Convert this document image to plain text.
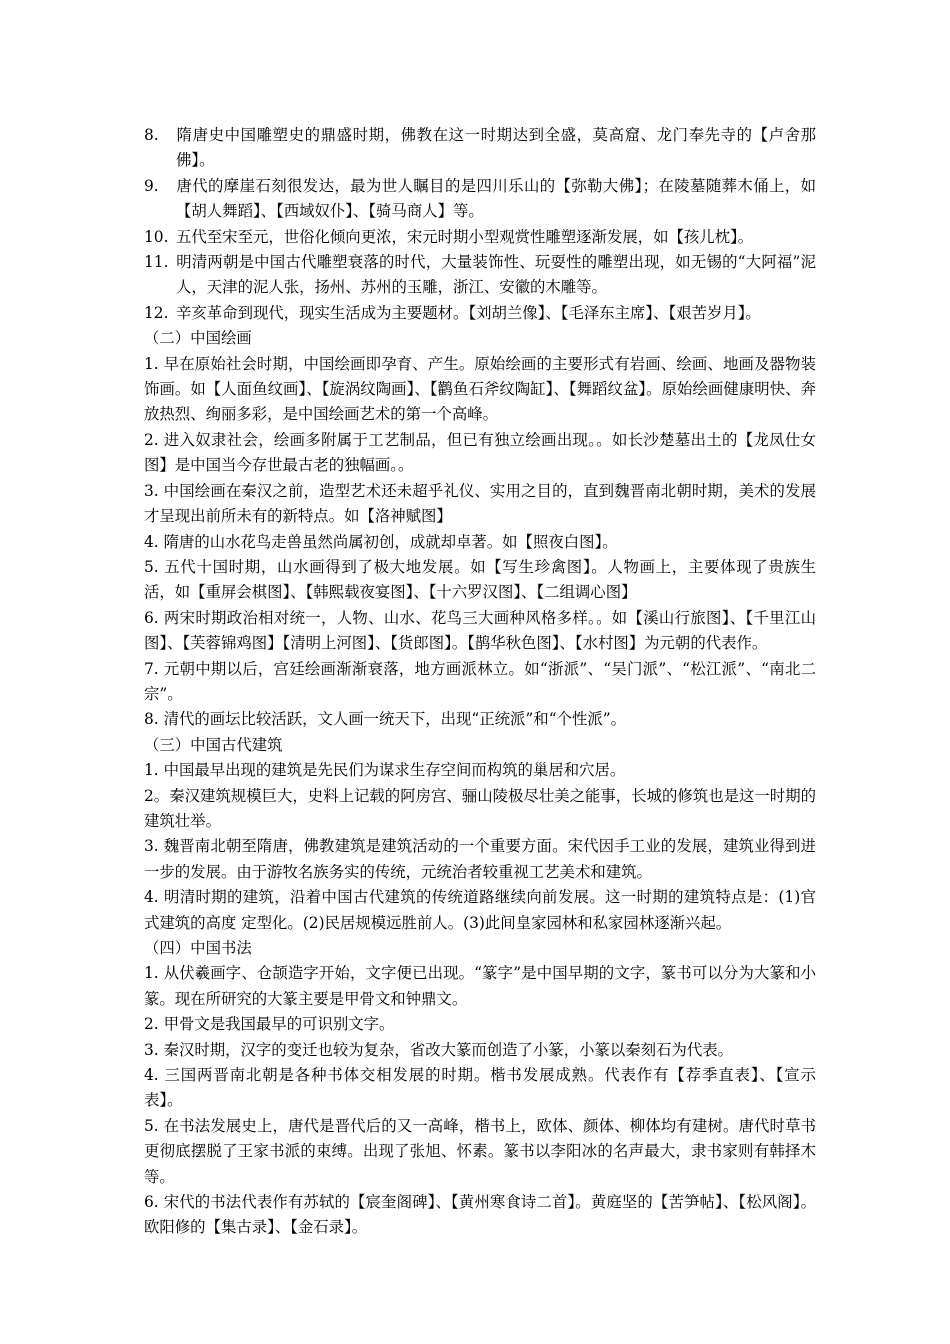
8. 隋唐史中国雕塑史的鼎盛时期，佛教在这一时期达到全盛，莫高窟、龙门奉先寺的【卢舍那佛】。
9. 唐代的摩崖石刻很发达，最为世人瞩目的是四川乐山的【弥勒大佛】；在陵墓随葬木俑上，如【胡人舞蹈】、【西域奴仆】、【骑马商人】等。
10. 五代至宋至元，世俗化倾向更浓，宋元时期小型观赏性雕塑逐渐发展，如【孩儿枕】。
11. 明清两朝是中国古代雕塑衰落的时代，大量装饰性、玩耍性的雕塑出现，如无锡的“大阿福”泥人，天津的泥人张，扬州、苏州的玉雕，浙江、安徽的木雕等。
12. 辛亥革命到现代，现实生活成为主要题材。【刘胡兰像】、【毛泽东主席】、【艰苦岁月】。
（二）中国绘画
1. 早在原始社会时期，中国绘画即孕育、产生。原始绘画的主要形式有岩画、绘画、地画及器物装饰画。如【人面鱼纹画】、【旋涡纹陶画】、【鹳鱼石斧纹陶缸】、【舞蹈纹盆】。原始绘画健康明快、奔放热烈、绚丽多彩，是中国绘画艺术的第一个高峰。
2. 进入奴隶社会，绘画多附属于工艺制品，但已有独立绘画出现。。如长沙楚墓出土的【龙凤仕女图】是中国当今存世最古老的独幅画。。
3. 中国绘画在秦汉之前，造型艺术还未超乎礼仪、实用之目的，直到魏晋南北朝时期，美术的发展才呈现出前所未有的新特点。如【洛神赋图】
4. 隋唐的山水花鸟走兽虽然尚属初创，成就却卓著。如【照夜白图】。
5. 五代十国时期，山水画得到了极大地发展。如【写生珍禽图】。人物画上，主要体现了贵族生活，如【重屏会棋图】、【韩熙载夜宴图】、【十六罗汉图】、【二组调心图】
6. 两宋时期政治相对统一，人物、山水、花鸟三大画种风格多样。。如【溪山行旅图】、【千里江山图】、【芙蓉锦鸡图】【清明上河图】、【货郎图】。【鹊华秋色图】、【水村图】为元朝的代表作。
7. 元朝中期以后，宫廷绘画渐渐衰落，地方画派林立。如“浙派”、“吴门派”、“松江派”、“南北二宗”。
8. 清代的画坛比较活跃，文人画一统天下，出现“正统派”和“个性派”。
（三）中国古代建筑
1. 中国最早出现的建筑是先民们为谋求生存空间而构筑的巢居和穴居。
2。秦汉建筑规模巨大，史料上记载的阿房宫、骊山陵极尽壮美之能事，长城的修筑也是这一时期的建筑壮举。
3. 魏晋南北朝至隋唐，佛教建筑是建筑活动的一个重要方面。宋代因手工业的发展，建筑业得到进一步的发展。由于游牧名族务实的传统，元统治者较重视工艺美术和建筑。
4. 明清时期的建筑，沿着中国古代建筑的传统道路继续向前发展。这一时期的建筑特点是：(1)官式建筑的高度 定型化。(2)民居规模远胜前人。(3)此间皇家园林和私家园林逐渐兴起。
（四）中国书法
1. 从伏羲画字、仓颉造字开始，文字便已出现。“篆字”是中国早期的文字，篆书可以分为大篆和小篆。现在所研究的大篆主要是甲骨文和钟鼎文。
2. 甲骨文是我国最早的可识别文字。
3. 秦汉时期，汉字的变迁也较为复杂，省改大篆而创造了小篆，小篆以秦刻石为代表。
4. 三国两晋南北朝是各种书体交相发展的时期。楷书发展成熟。代表作有【荐季直表】、【宣示表】。
5. 在书法发展史上，唐代是晋代后的又一高峰，楷书上，欧体、颜体、柳体均有建树。唐代时草书更彻底摆脱了王家书派的束缚。出现了张旭、怀素。篆书以李阳冰的名声最大，隶书家则有韩择木等。
6. 宋代的书法代表作有苏轼的【宸奎阁碑】、【黄州寒食诗二首】。黄庭坚的【苦笋帖】、【松风阁】。欧阳修的【集古录】、【金石录】。
